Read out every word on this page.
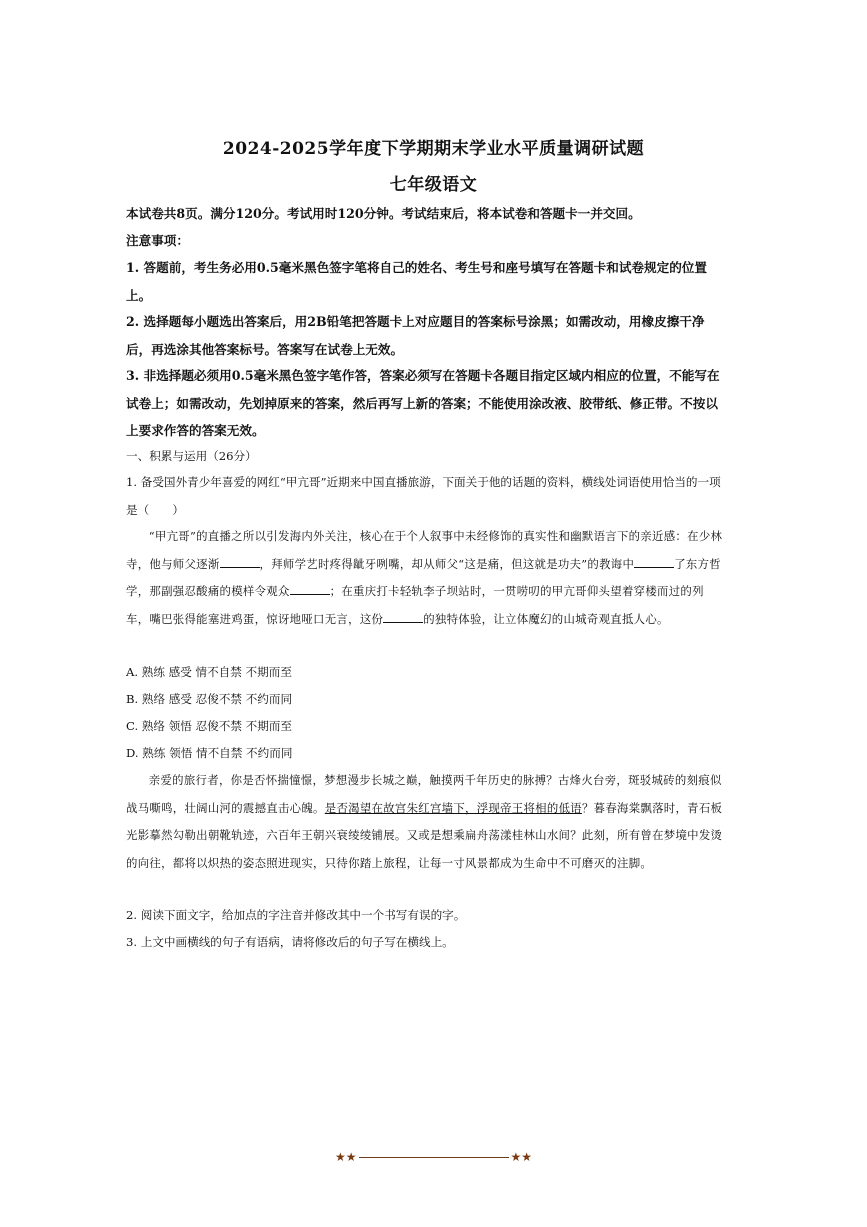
2024-2025学年度下学期期末学业水平质量调研试题
七年级语文

本试卷共8页。满分120分。考试用时120分钟。考试结束后，将本试卷和答题卡一并交回。

注意事项：

1. 答题前，考生务必用0.5毫米黑色签字笔将自己的姓名、考生号和座号填写在答题卡和试卷规定的位置上。

2. 选择题每小题选出答案后，用2B铅笔把答题卡上对应题目的答案标号涂黑；如需改动，用橡皮擦干净后，再选涂其他答案标号。答案写在试卷上无效。

3. 非选择题必须用0.5毫米黑色签字笔作答，答案必须写在答题卡各题目指定区域内相应的位置，不能写在试卷上；如需改动，先划掉原来的答案，然后再写上新的答案；不能使用涂改液、胶带纸、修正带。不按以上要求作答的答案无效。

一、积累与运用（26分）

1. 备受国外青少年喜爱的网红“甲亢哥”近期来中国直播旅游，下面关于他的话题的资料，横线处词语使用恰当的一项是（　　）

“甲亢哥”的直播之所以引发海内外关注，核心在于个人叙事中未经修饰的真实性和幽默语言下的亲近感：在少林寺，他与师父逐渐	，拜师学艺时疼得龇牙咧嘴，却从师父“这是痛，但这就是功夫”的教诲中	了东方哲学，那副强忍酸痛的模样令观众	；在重庆打卡轻轨李子坝站时，一贯唠叨的甲亢哥仰头望着穿楼而过的列车，嘴巴张得能塞进鸡蛋，惊讶地哑口无言，这份	的独特体验，让立体魔幻的山城奇观直抵人心。

A. 熟练 感受 情不自禁 不期而至
B. 熟络 感受 忍俊不禁 不约而同
C. 熟络 领悟 忍俊不禁 不期而至
D. 熟练 领悟 情不自禁 不约而同

亲爱的旅行者，你是否怀揣憧憬，梦想漫步长城之巅，触摸两千年历史的脉搏？古烽火台旁，斑驳城砖的刻痕似战马嘶鸣，壮阔山河的震撼直击心魄。是否渴望在故宫朱红宫墙下，浮现帝王将相的低语？暮春海棠飘落时，青石板光影摹然勾勒出朝靴轨迹，六百年王朝兴衰绫绫铺展。又或是想乘扁舟荡漾桂林山水间？此刻，所有曾在梦境中发烫的向往，都将以炽热的姿态照进现实，只待你踏上旅程，让每一寸风景都成为生命中不可磨灭的注脚。

2. 阅读下面文字，给加点的字注音并修改其中一个书写有误的字。

3. 上文中画横线的句子有语病，请将修改后的句子写在横线上。

★★	★★
